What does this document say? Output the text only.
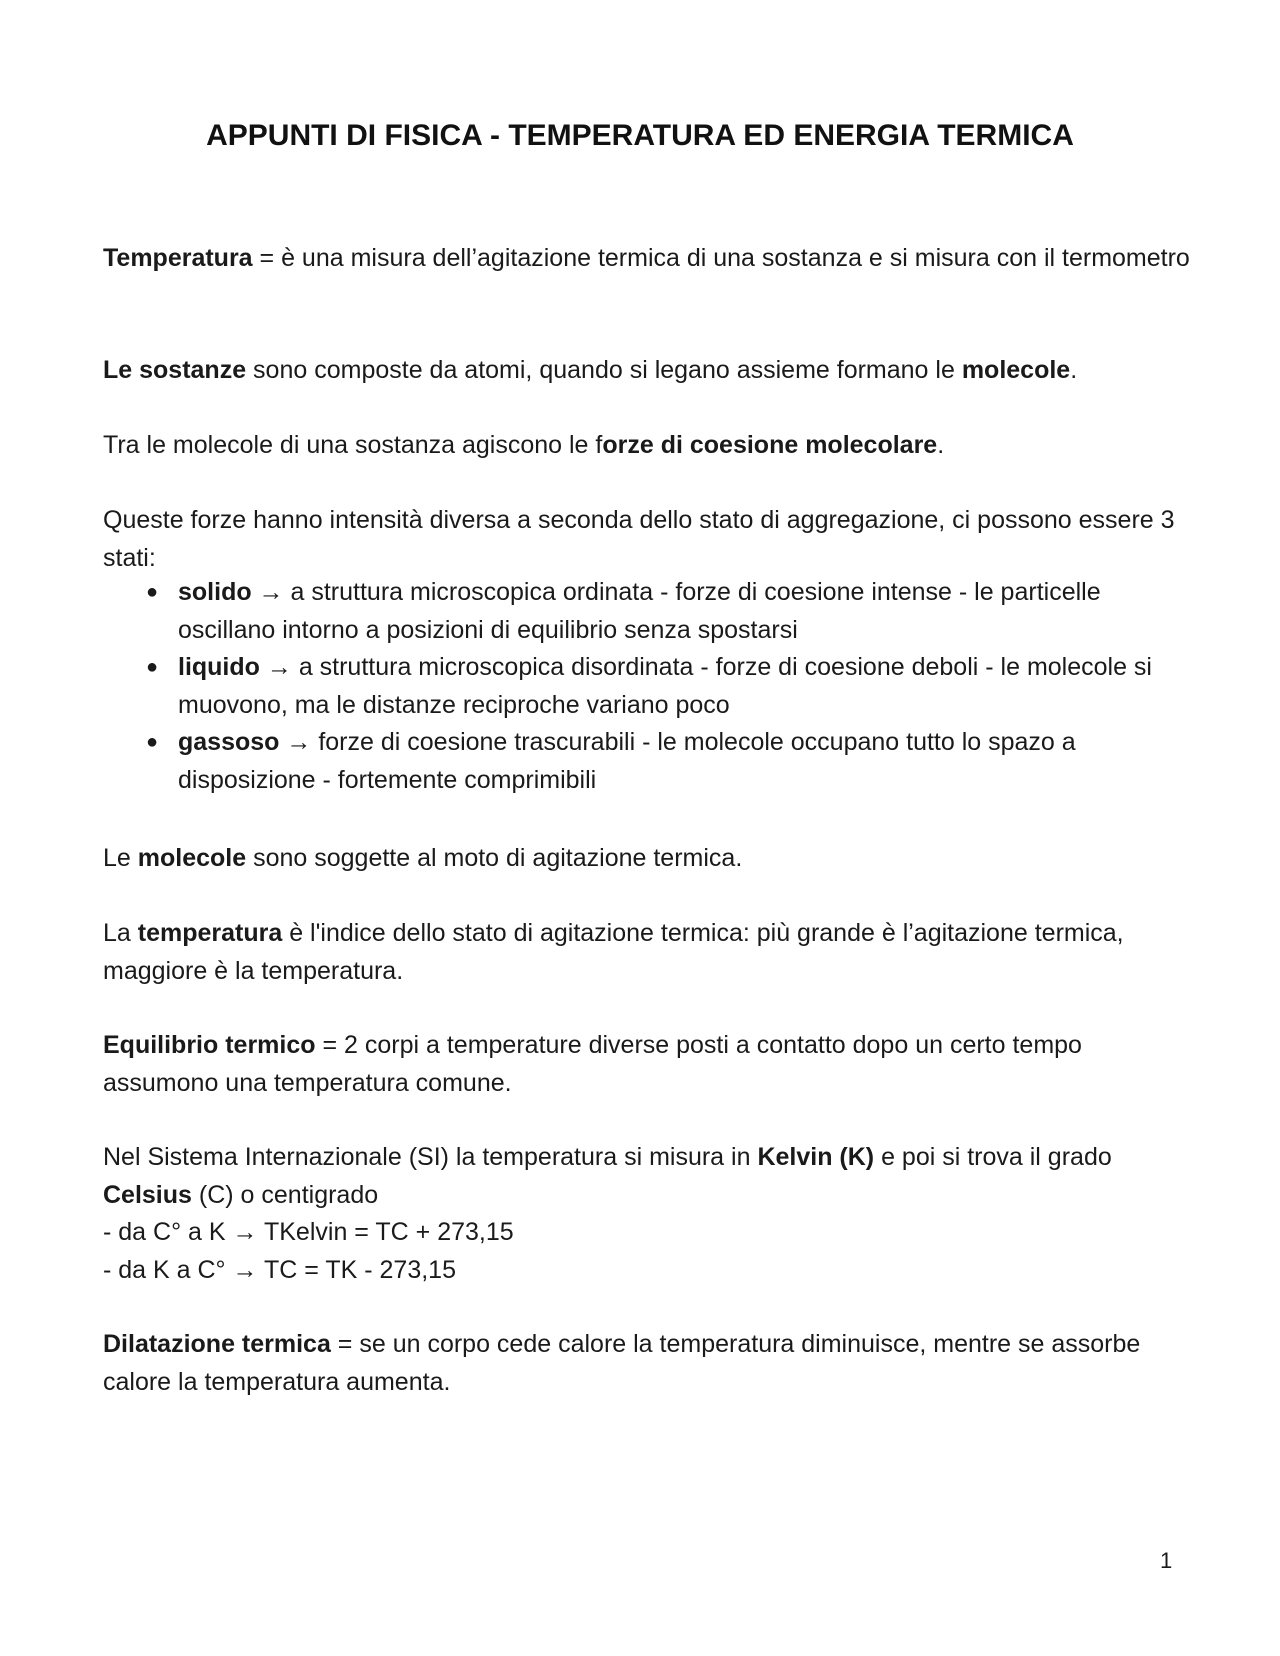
APPUNTI DI FISICA - TEMPERATURA ED ENERGIA TERMICA

Temperatura = è una misura dell’agitazione termica di una sostanza e si misura con il termometro

Le sostanze sono composte da atomi, quando si legano assieme formano le molecole.

Tra le molecole di una sostanza agiscono le forze di coesione molecolare.

Queste forze hanno intensità diversa a seconda dello stato di aggregazione, ci possono essere 3 stati:

● solido → a struttura microscopica ordinata - forze di coesione intense - le particelle oscillano intorno a posizioni di equilibrio senza spostarsi
● liquido → a struttura microscopica disordinata - forze di coesione deboli - le molecole si muovono, ma le distanze reciproche variano poco
● gassoso → forze di coesione trascurabili - le molecole occupano tutto lo spazo a disposizione - fortemente comprimibili

Le molecole sono soggette al moto di agitazione termica.

La temperatura è l'indice dello stato di agitazione termica: più grande è l’agitazione termica, maggiore è la temperatura.

Equilibrio termico = 2 corpi a temperature diverse posti a contatto dopo un certo tempo assumono una temperatura comune.

Nel Sistema Internazionale (SI) la temperatura si misura in Kelvin (K) e poi si trova il grado Celsius (C) o centigrado
- da C° a K → TKelvin = TC + 273,15
- da K a C° → TC = TK - 273,15

Dilatazione termica = se un corpo cede calore la temperatura diminuisce, mentre se assorbe calore la temperatura aumenta.

1
